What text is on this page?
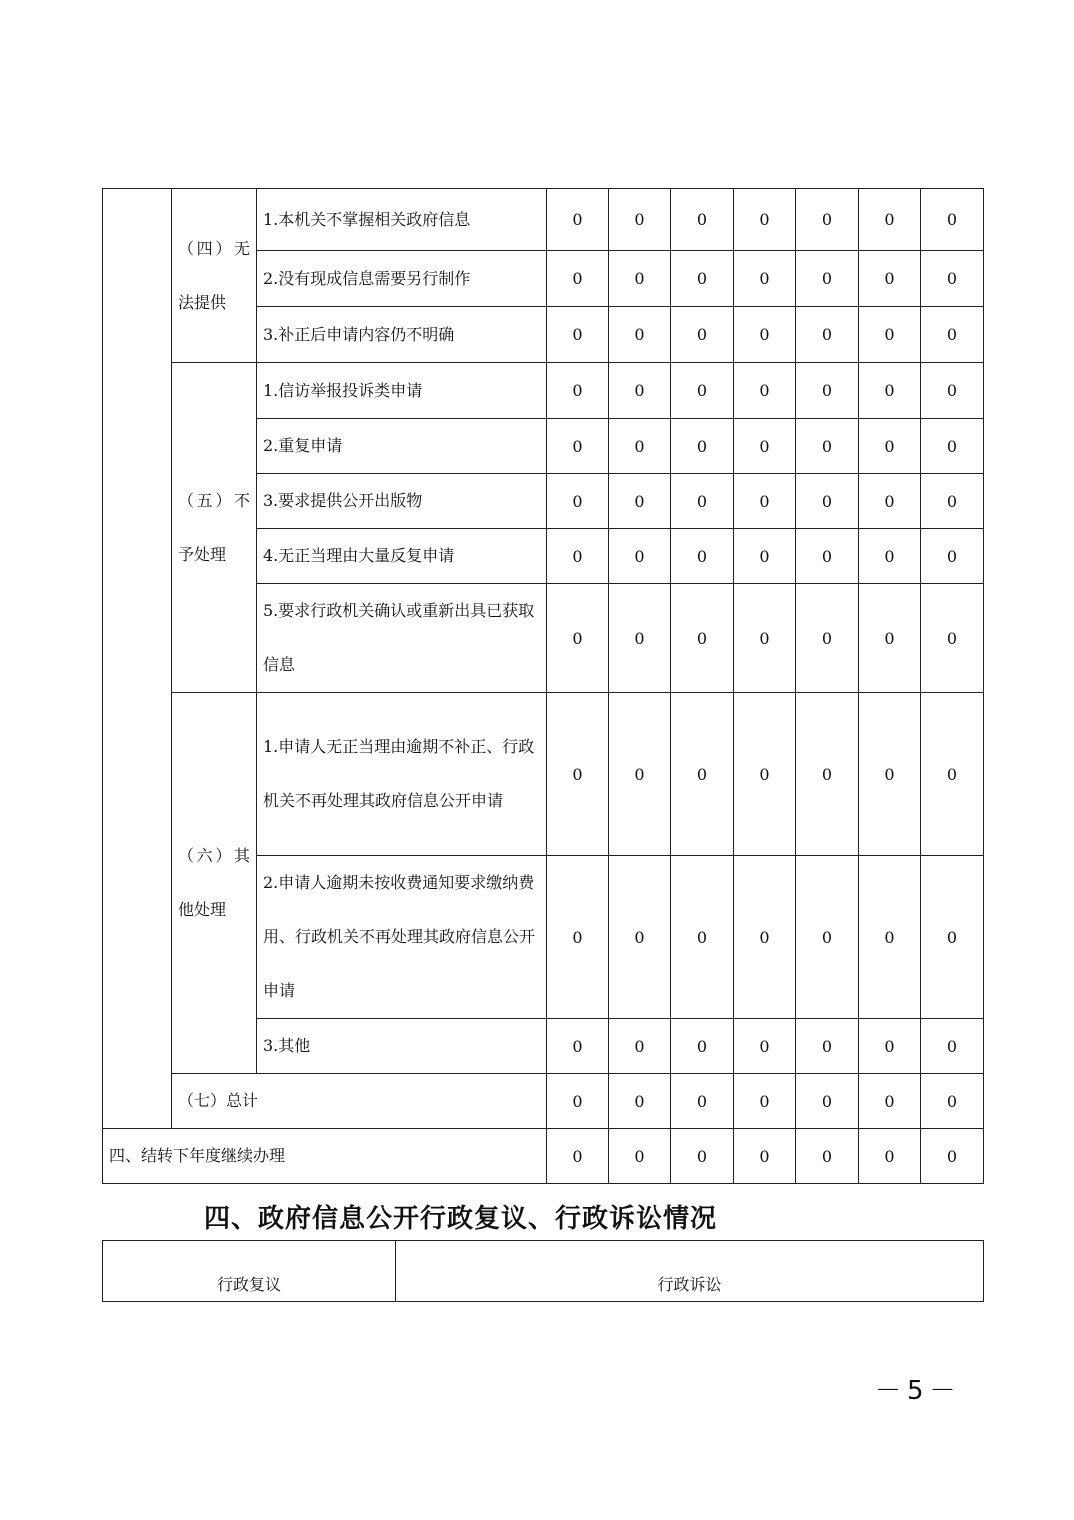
	（四）无法提供	1.本机关不掌握相关政府信息	0	0	0	0	0	0	0
		2.没有现成信息需要另行制作	0	0	0	0	0	0	0
		3.补正后申请内容仍不明确	0	0	0	0	0	0	0
	（五）不予处理	1.信访举报投诉类申请	0	0	0	0	0	0	0
		2.重复申请	0	0	0	0	0	0	0
		3.要求提供公开出版物	0	0	0	0	0	0	0
		4.无正当理由大量反复申请	0	0	0	0	0	0	0
		5.要求行政机关确认或重新出具已获取信息	0	0	0	0	0	0	0
	（六）其他处理	1.申请人无正当理由逾期不补正、行政机关不再处理其政府信息公开申请	0	0	0	0	0	0	0
		2.申请人逾期未按收费通知要求缴纳费用、行政机关不再处理其政府信息公开申请	0	0	0	0	0	0	0
		3.其他	0	0	0	0	0	0	0
	（七）总计		0	0	0	0	0	0	0
四、结转下年度继续办理			0	0	0	0	0	0	0
四、政府信息公开行政复议、行政诉讼情况
行政复议	行政诉讼
－5－
